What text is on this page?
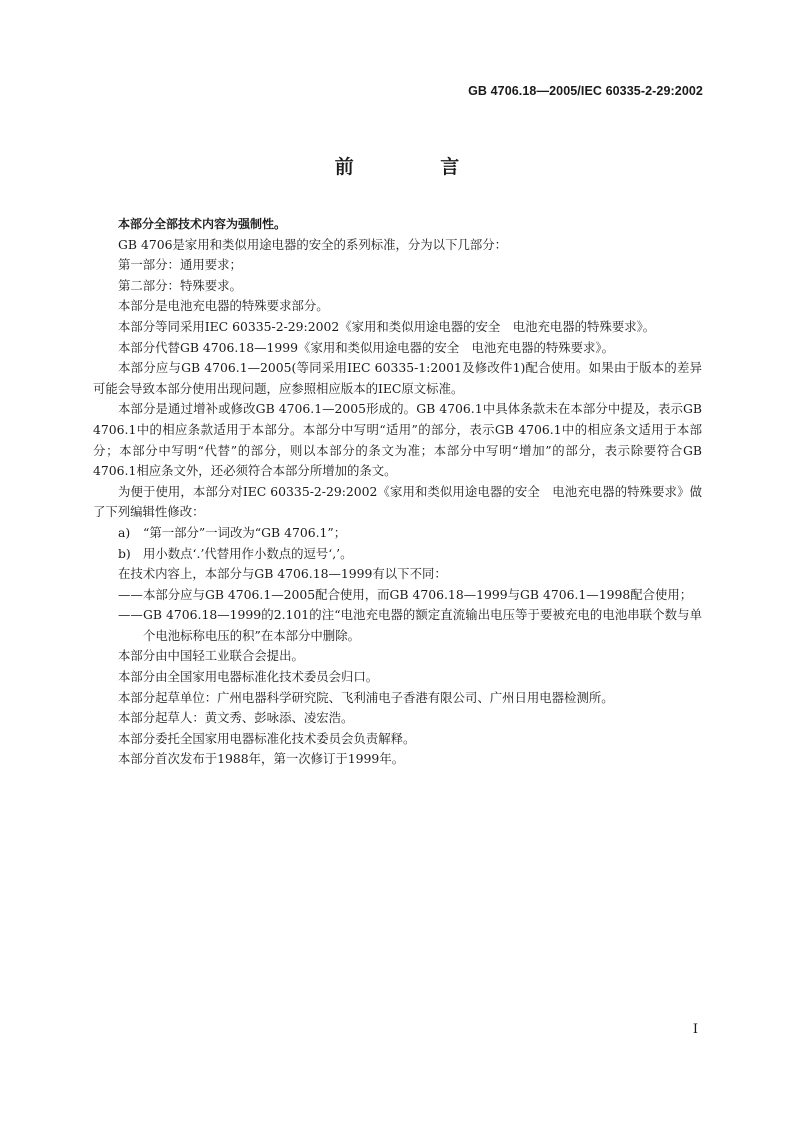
GB 4706.18—2005/IEC 60335-2-29:2002
前 言

本部分全部技术内容为强制性。

GB 4706是家用和类似用途电器的安全的系列标准，分为以下几部分：

第一部分：通用要求；

第二部分：特殊要求。

本部分是电池充电器的特殊要求部分。

本部分等同采用IEC 60335-2-29:2002《家用和类似用途电器的安全　电池充电器的特殊要求》。

本部分代替GB 4706.18—1999《家用和类似用途电器的安全　电池充电器的特殊要求》。

本部分应与GB 4706.1—2005(等同采用IEC 60335-1:2001及修改件1)配合使用。如果由于版本的差异可能会导致本部分使用出现问题，应参照相应版本的IEC原文标准。

本部分是通过增补或修改GB 4706.1—2005形成的。GB 4706.1中具体条款未在本部分中提及，表示GB 4706.1中的相应条款适用于本部分。本部分中写明“适用”的部分，表示GB 4706.1中的相应条文适用于本部分；本部分中写明“代替”的部分，则以本部分的条文为准；本部分中写明“增加”的部分，表示除要符合GB 4706.1相应条文外，还必须符合本部分所增加的条文。

为便于使用，本部分对IEC 60335-2-29:2002《家用和类似用途电器的安全　电池充电器的特殊要求》做了下列编辑性修改：

a) “第一部分”一词改为“GB 4706.1”；

b) 用小数点‘.’代替用作小数点的逗号‘,’。

在技术内容上，本部分与GB 4706.18—1999有以下不同：

—— 本部分应与GB 4706.1—2005配合使用，而GB 4706.18—1999与GB 4706.1—1998配合使用；

—— GB 4706.18—1999的2.101的注“电池充电器的额定直流输出电压等于要被充电的电池串联个数与单个电池标称电压的积”在本部分中删除。

本部分由中国轻工业联合会提出。

本部分由全国家用电器标准化技术委员会归口。

本部分起草单位：广州电器科学研究院、飞利浦电子香港有限公司、广州日用电器检测所。

本部分起草人：黄文秀、彭咏添、凌宏浩。

本部分委托全国家用电器标准化技术委员会负责解释。

本部分首次发布于1988年，第一次修订于1999年。

I
